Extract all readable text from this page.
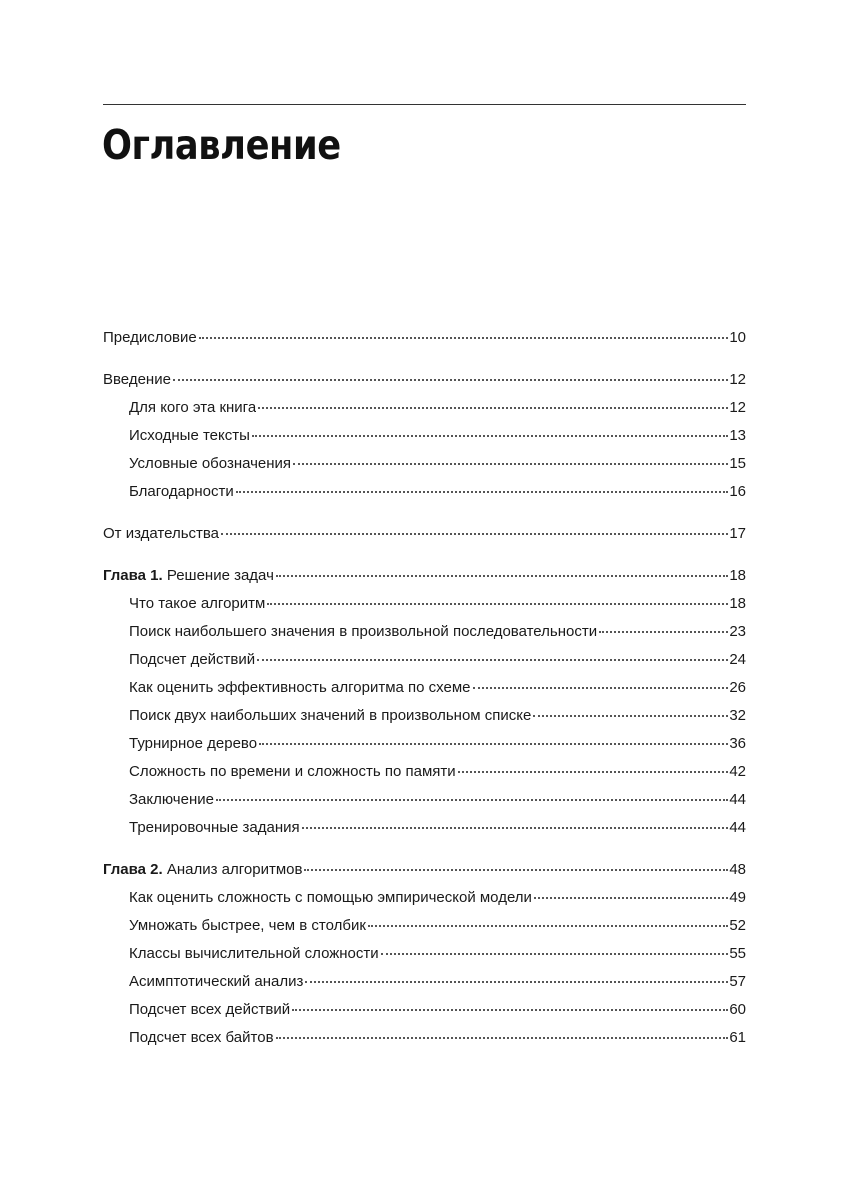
Оглавление
Предисловие	10
Введение	12
Для кого эта книга	12
Исходные тексты	13
Условные обозначения	15
Благодарности	16
От издательства	17
Глава 1. Решение задач	18
Что такое алгоритм	18
Поиск наибольшего значения в произвольной последовательности	23
Подсчет действий	24
Как оценить эффективность алгоритма по схеме	26
Поиск двух наибольших значений в произвольном списке	32
Турнирное дерево	36
Сложность по времени и сложность по памяти	42
Заключение	44
Тренировочные задания	44
Глава 2. Анализ алгоритмов	48
Как оценить сложность с помощью эмпирической модели	49
Умножать быстрее, чем в столбик	52
Классы вычислительной сложности	55
Асимптотический анализ	57
Подсчет всех действий	60
Подсчет всех байтов	61
